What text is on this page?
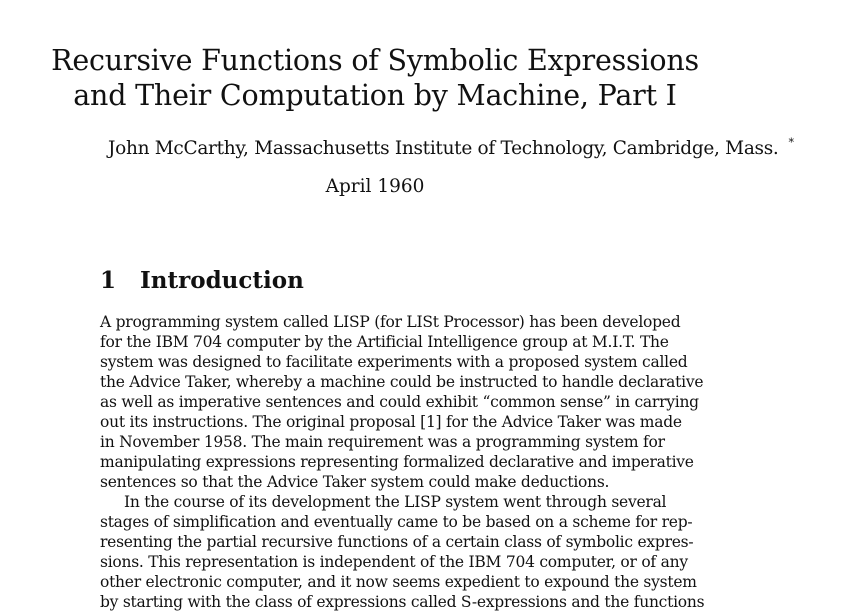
Recursive Functions of Symbolic Expressions
and Their Computation by Machine, Part I
John McCarthy, Massachusetts Institute of Technology, Cambridge, Mass. *
April 1960
1 Introduction
A programming system called LISP (for LISt Processor) has been developed
for the IBM 704 computer by the Artificial Intelligence group at M.I.T. The
system was designed to facilitate experiments with a proposed system called
the Advice Taker, whereby a machine could be instructed to handle declarative
as well as imperative sentences and could exhibit “common sense” in carrying
out its instructions. The original proposal [1] for the Advice Taker was made
in November 1958. The main requirement was a programming system for
manipulating expressions representing formalized declarative and imperative
sentences so that the Advice Taker system could make deductions.
In the course of its development the LISP system went through several
stages of simplification and eventually came to be based on a scheme for rep-
resenting the partial recursive functions of a certain class of symbolic expres-
sions. This representation is independent of the IBM 704 computer, or of any
other electronic computer, and it now seems expedient to expound the system
by starting with the class of expressions called S-expressions and the functions
